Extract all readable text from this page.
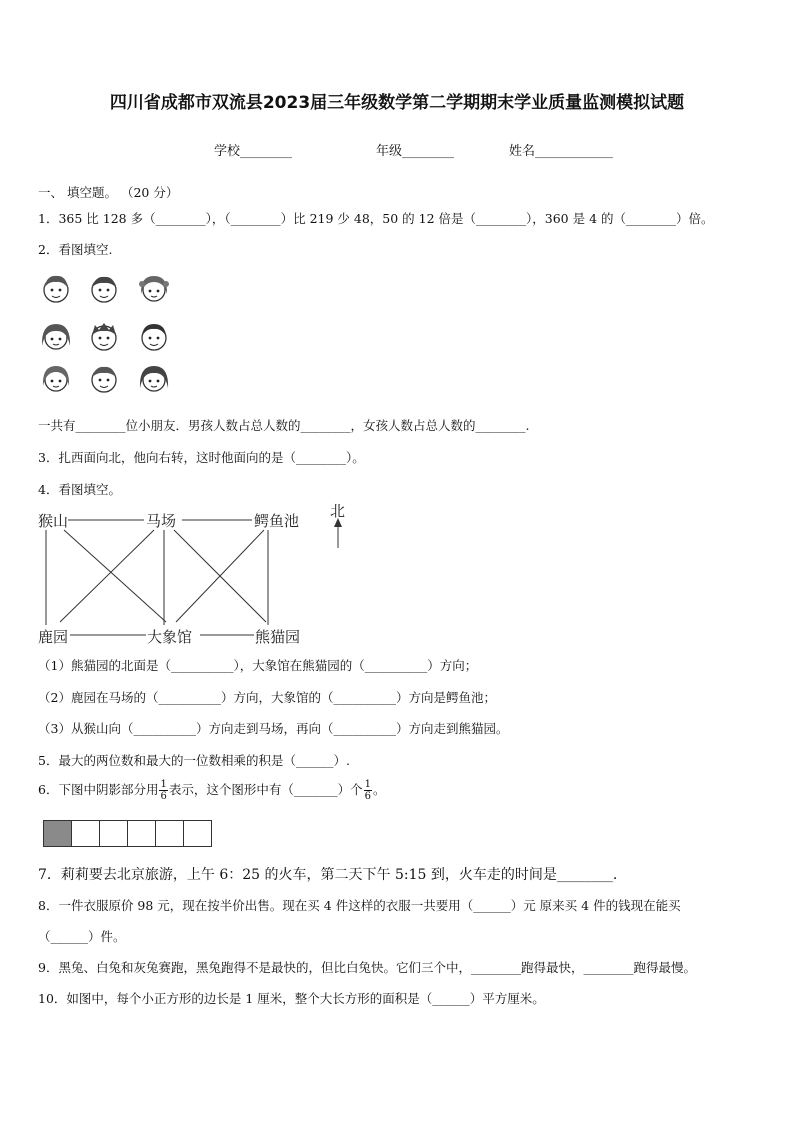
四川省成都市双流县2023届三年级数学第二学期期末学业质量监测模拟试题
学校________	年级________	姓名____________
一、 填空题。 （20 分）
1．365 比 128 多（________），（________）比 219 少 48，50 的 12 倍是（________），360 是 4 的（________）倍。
2．看图填空.
一共有________位小朋友．男孩人数占总人数的________，女孩人数占总人数的________.
3．扎西面向北，他向右转，这时他面向的是（________）。
4．看图填空。
猴山	马场	鳄鱼池
鹿园	大象馆	熊猫园
北
（1）熊猫园的北面是（__________），大象馆在熊猫园的（__________）方向；
（2）鹿园在马场的（__________）方向，大象馆的（__________）方向是鳄鱼池；
（3）从猴山向（__________）方向走到马场，再向（__________）方向走到熊猫园。
5．最大的两位数和最大的一位数相乘的积是（______）.
6．下图中阴影部分用 $\frac{1}{6}$ 表示，这个图形中有（_______）个 $\frac{1}{6}$ 。
7．莉莉要去北京旅游，上午 6：25 的火车，第二天下午 5:15 到，火车走的时间是________.
8．一件衣服原价 98 元，现在按半价出售。现在买 4 件这样的衣服一共要用（______）元 原来买 4 件的钱现在能买
（______）件。
9．黑兔、白兔和灰兔赛跑，黑兔跑得不是最快的，但比白兔快。它们三个中，________跑得最快，________跑得最慢。
10．如图中，每个小正方形的边长是 1 厘米，整个大长方形的面积是（______）平方厘米。
